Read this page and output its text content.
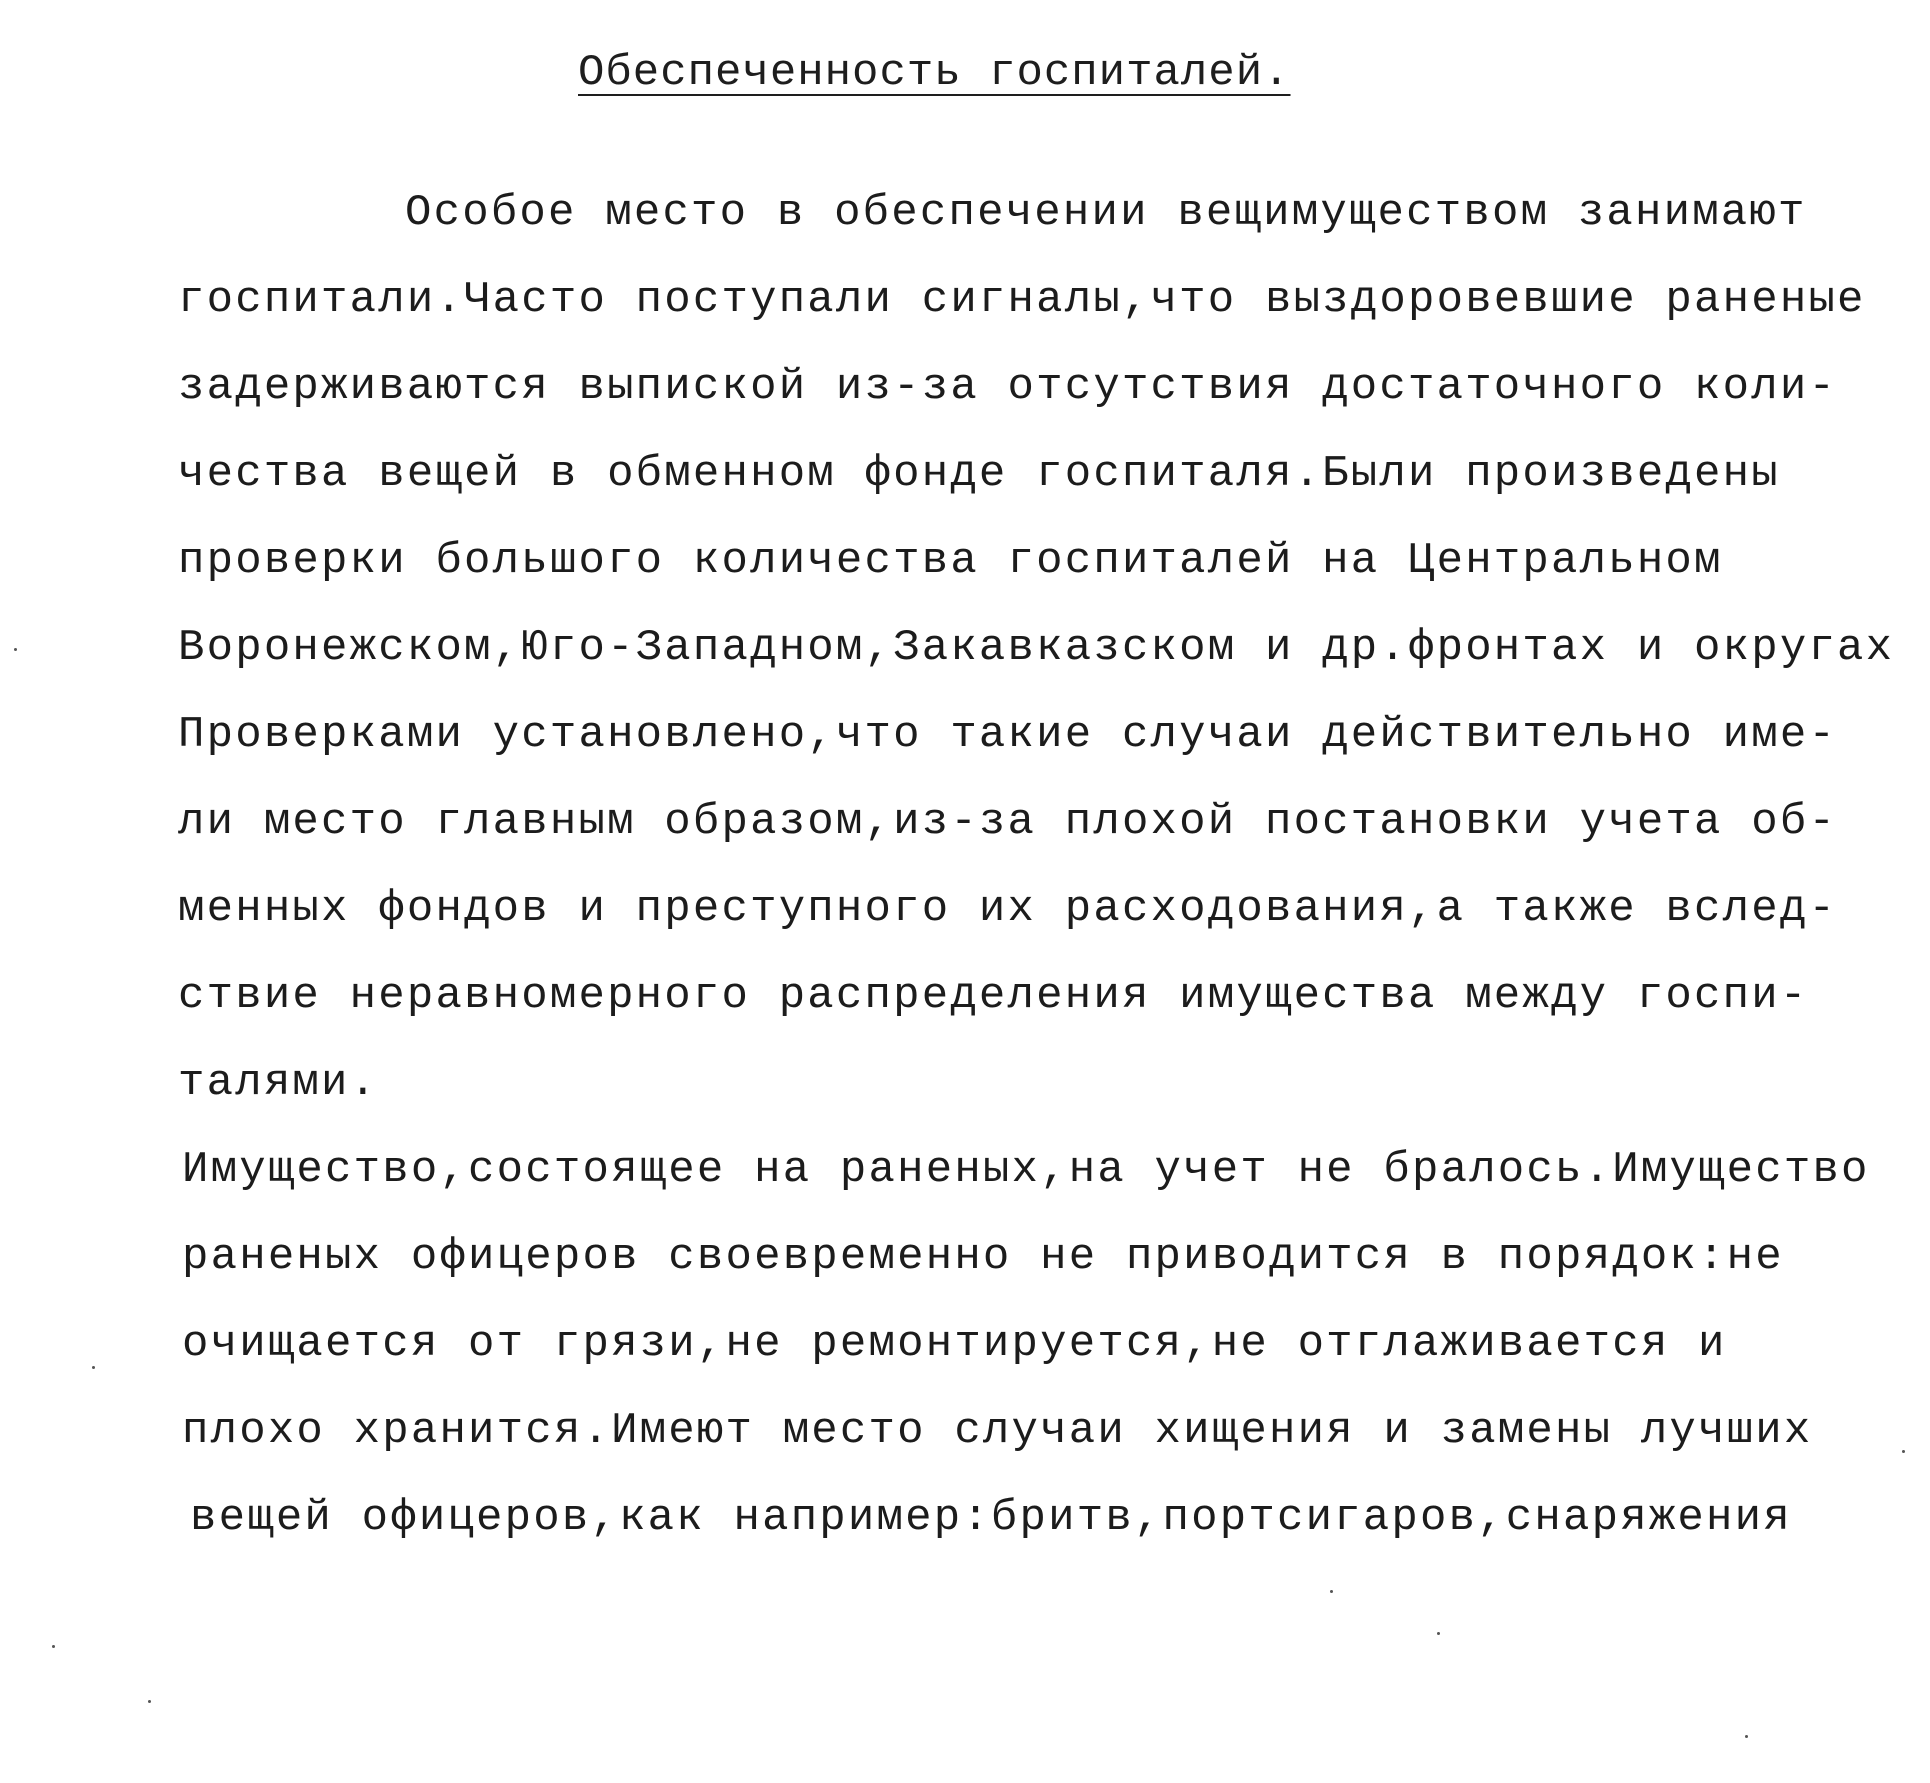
Обеспеченность госпиталей.
Особое место в обеспечении вещимуществом занимают
госпитали.Часто поступали сигналы,что выздоровевшие раненые
задерживаются выпиской из-за отсутствия достаточного коли-
чества вещей в обменном фонде госпиталя.Были произведены
проверки большого количества госпиталей на Центральном
Воронежском,Юго-Западном,Закавказском и др.фронтах и округах
Проверками установлено,что такие случаи действительно име-
ли место главным образом,из-за плохой постановки учета об-
менных фондов и преступного их расходования,а также вслед-
ствие неравномерного распределения имущества между госпи-
талями.
Имущество,состоящее на раненых,на учет не бралось.Имущество
раненых офицеров своевременно не приводится в порядок:не
очищается от грязи,не ремонтируется,не отглаживается и
плохо хранится.Имеют место случаи хищения и замены лучших
вещей офицеров,как например:бритв,портсигаров,снаряжения
